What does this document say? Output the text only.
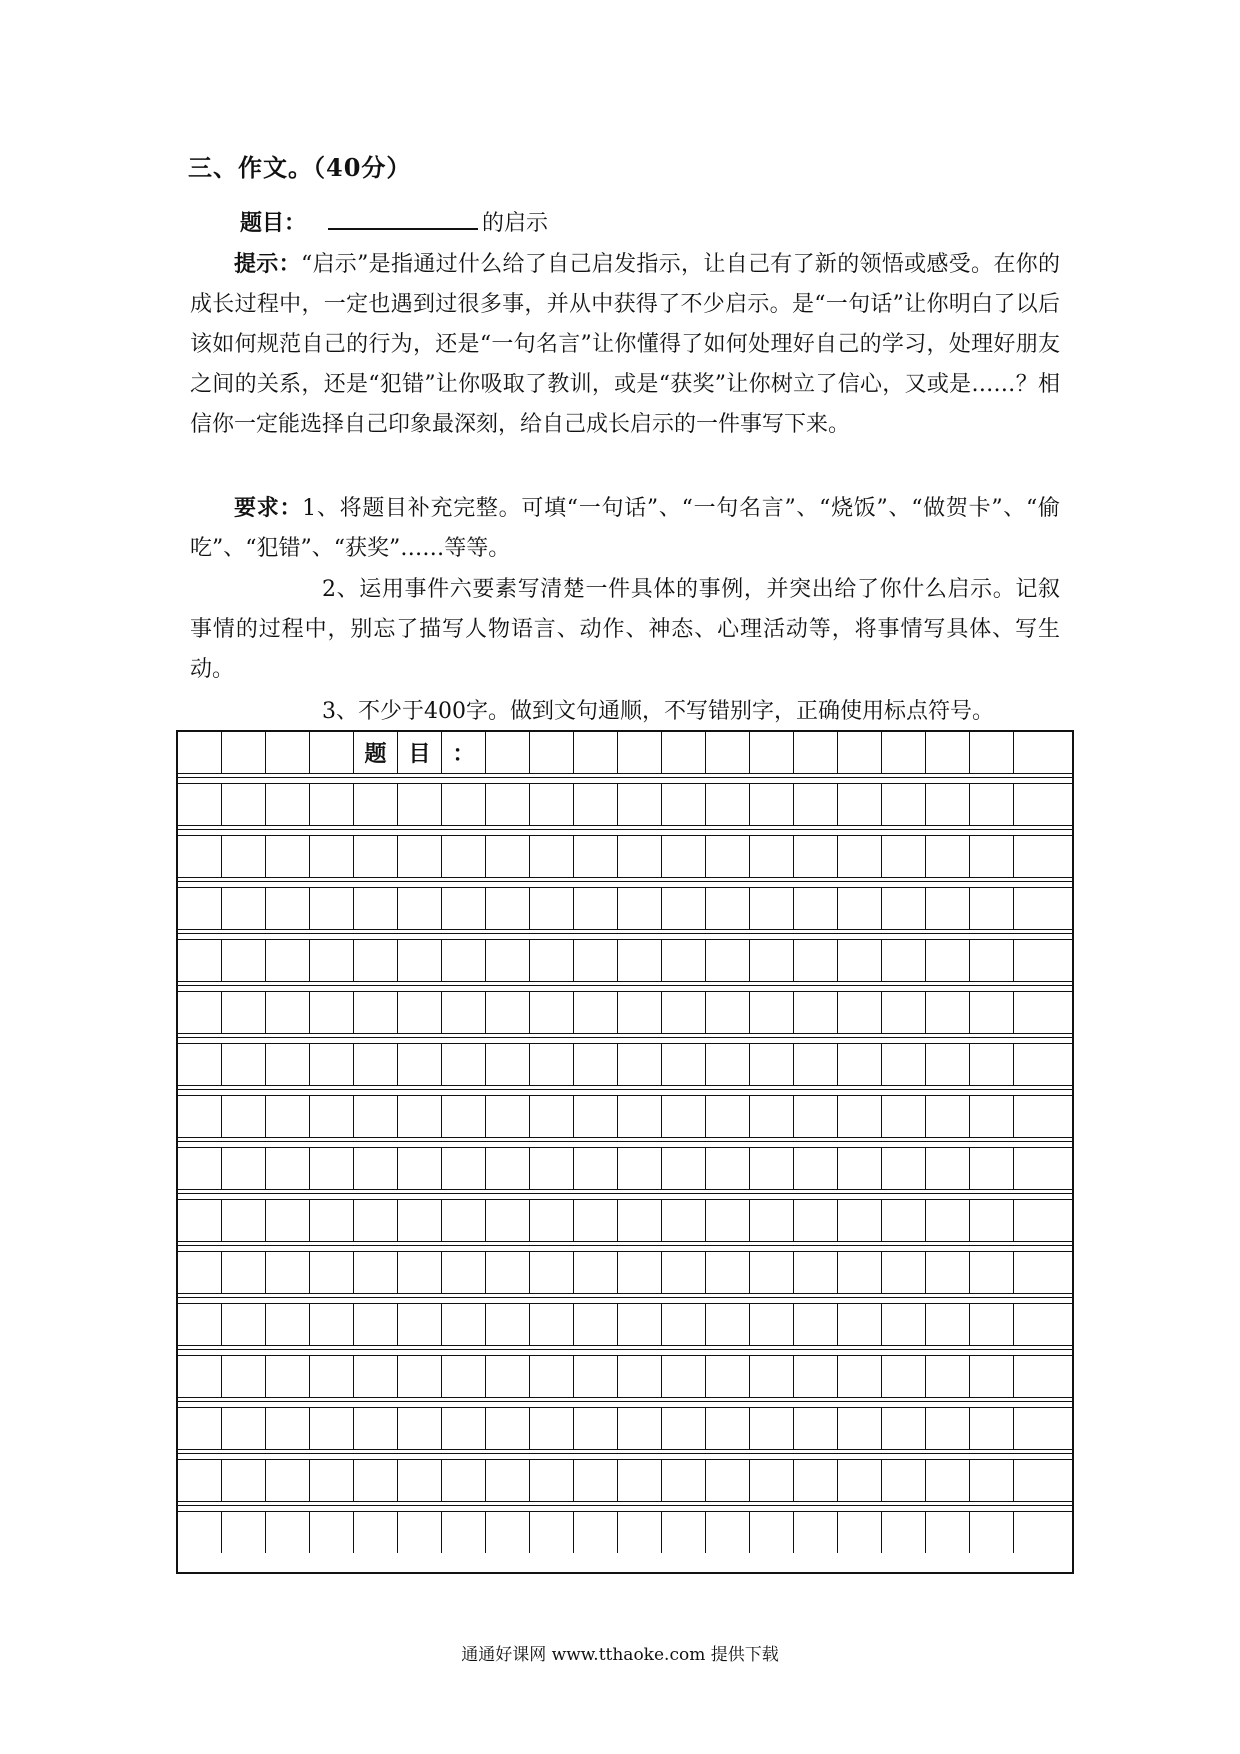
三、作文。（40分）
题目：	的启示
提示：“启示”是指通过什么给了自己启发指示，让自己有了新的领悟或感受。在你的成长过程中，一定也遇到过很多事，并从中获得了不少启示。是“一句话”让你明白了以后该如何规范自己的行为，还是“一句名言”让你懂得了如何处理好自己的学习，处理好朋友之间的关系，还是“犯错”让你吸取了教训，或是“获奖”让你树立了信心，又或是……？相信你一定能选择自己印象最深刻，给自己成长启示的一件事写下来。
要求：1、将题目补充完整。可填“一句话”、“一句名言”、“烧饭”、“做贺卡”、“偷吃”、“犯错”、“获奖”……等等。
2、运用事件六要素写清楚一件具体的事例，并突出给了你什么启示。记叙事情的过程中，别忘了描写人物语言、动作、神态、心理活动等，将事情写具体、写生动。
3、不少于400字。做到文句通顺，不写错别字，正确使用标点符号。
题 目 ：
通通好课网 www.tthaoke.com 提供下载
